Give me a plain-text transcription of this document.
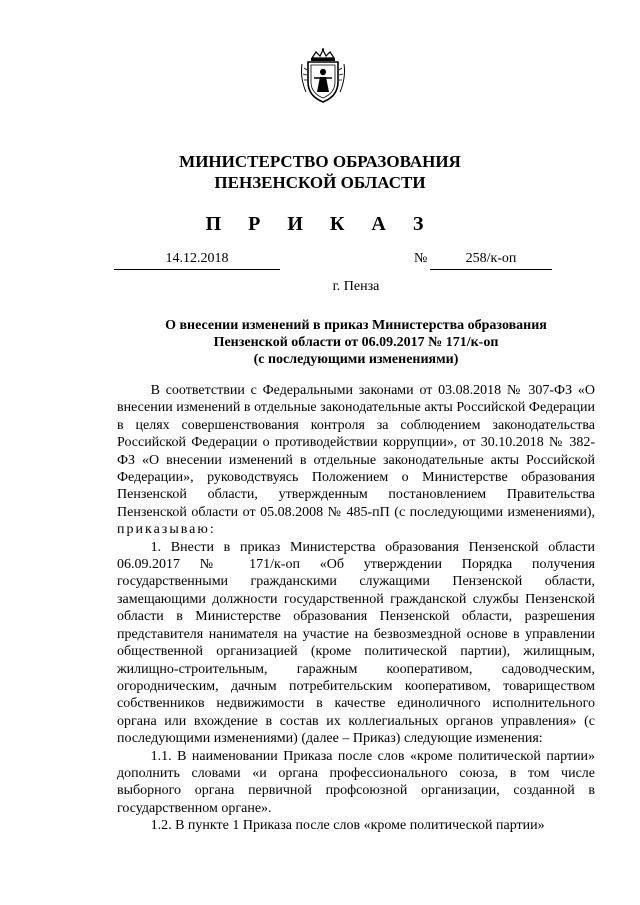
МИНИСТЕРСТВО ОБРАЗОВАНИЯ
ПЕНЗЕНСКОЙ ОБЛАСТИ
П Р И К А З
14.12.2018	№	258/к-оп
г. Пенза
О внесении изменений в приказ Министерства образования
Пензенской области от 06.09.2017 № 171/к-оп
(с последующими изменениями)

В соответствии с Федеральными законами от 03.08.2018 № 307-ФЗ «О внесении изменений в отдельные законодательные акты Российской Федерации в целях совершенствования контроля за соблюдением законодательства Российской Федерации о противодействии коррупции», от 30.10.2018 № 382-ФЗ «О внесении изменений в отдельные законодательные акты Российской Федерации», руководствуясь Положением о Министерстве образования Пензенской области, утвержденным постановлением Правительства Пензенской области от 05.08.2008 № 485-пП (с последующими изменениями), приказываю:

1. Внести в приказ Министерства образования Пензенской области 06.09.2017 № 171/к-оп «Об утверждении Порядка получения государственными гражданскими служащими Пензенской области, замещающими должности государственной гражданской службы Пензенской области в Министерстве образования Пензенской области, разрешения представителя нанимателя на участие на безвозмездной основе в управлении общественной организацией (кроме политической партии), жилищным, жилищно-строительным, гаражным кооперативом, садоводческим, огородническим, дачным потребительским кооперативом, товариществом собственников недвижимости в качестве единоличного исполнительного органа или вхождение в состав их коллегиальных органов управления» (с последующими изменениями) (далее – Приказ) следующие изменения:

1.1. В наименовании Приказа после слов «кроме политической партии» дополнить словами «и органа профессионального союза, в том числе выборного органа первичной профсоюзной организации, созданной в государственном органе».

1.2. В пункте 1 Приказа после слов «кроме политической партии»
